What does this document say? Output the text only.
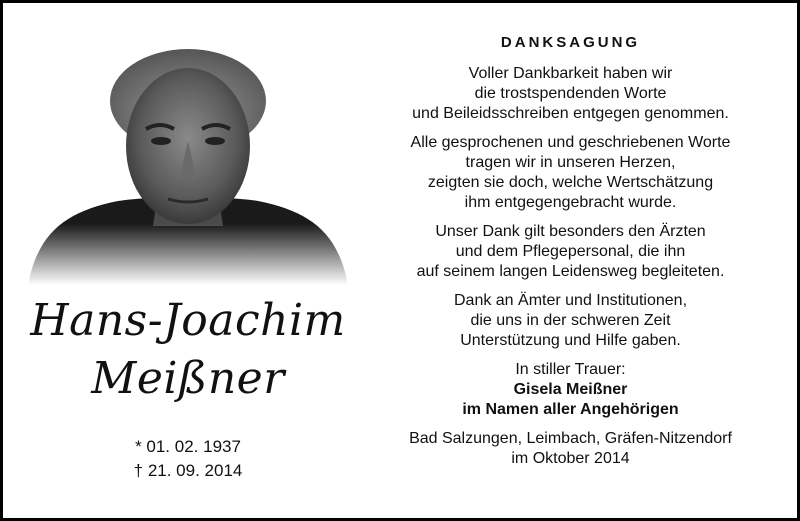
Hans-Joachim
Meißner
* 01. 02. 1937
† 21. 09. 2014
DANKSAGUNG
Voller Dankbarkeit haben wir
die trostspendenden Worte
und Beileidsschreiben entgegen genommen.
Alle gesprochenen und geschriebenen Worte
tragen wir in unseren Herzen,
zeigten sie doch, welche Wertschätzung
ihm entgegengebracht wurde.
Unser Dank gilt besonders den Ärzten
und dem Pflegepersonal, die ihn
auf seinem langen Leidensweg begleiteten.
Dank an Ämter und Institutionen,
die uns in der schweren Zeit
Unterstützung und Hilfe gaben.
In stiller Trauer:
Gisela Meißner
im Namen aller Angehörigen
Bad Salzungen, Leimbach, Gräfen-Nitzendorf
im Oktober 2014
